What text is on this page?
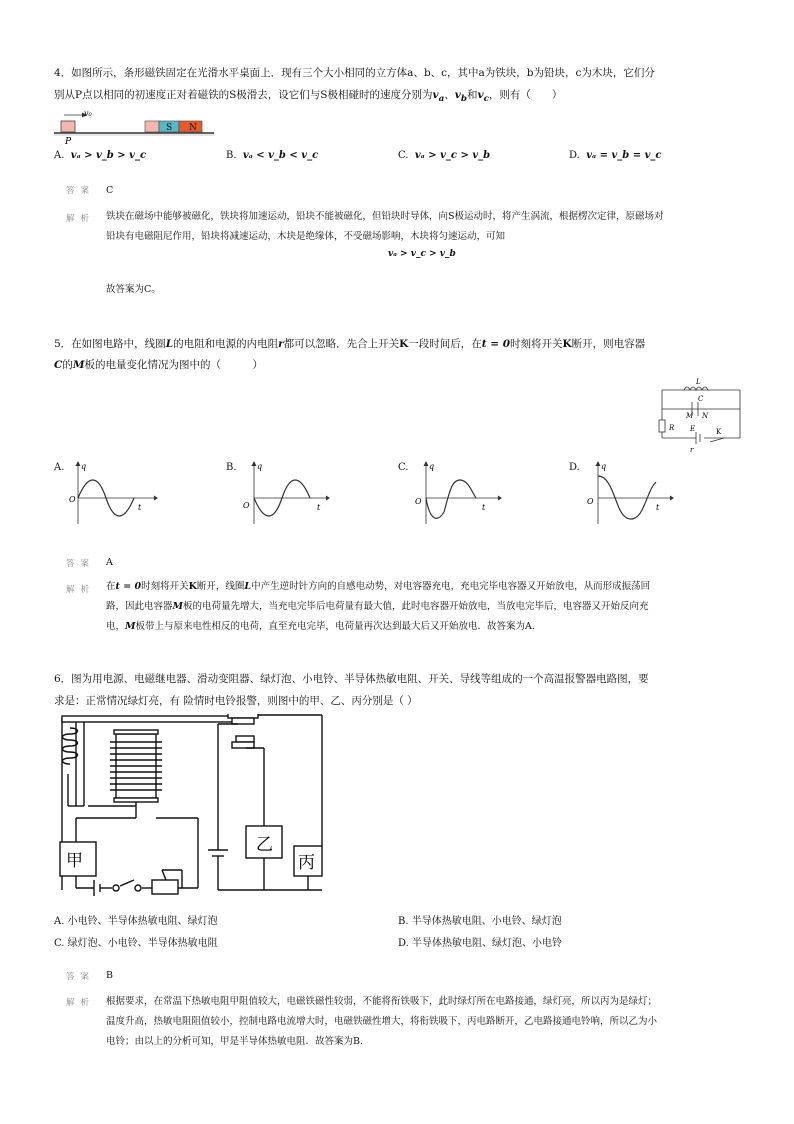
4．如图所示，条形磁铁固定在光滑水平桌面上．现有三个大小相同的立方体a、b、c，其中a为铁块，b为铅块，c为木块，它们分
别从P点以相同的初速度正对着磁铁的S极滑去，设它们与S极相碰时的速度分别为$v_a$、$v_b$和$v_c$，则有（　　）
v₀
P
S N
A. vₐ > v_b > v_c	B. vₐ < v_b < v_c	C. vₐ > v_c > v_b	D. vₐ = v_b = v_c
答案 C
解析 铁块在磁场中能够被磁化，铁块将加速运动，铅块不能被磁化，但铅块时导体，向S极运动时，将产生涡流，根据楞次定律，原磁场对
铅块有电磁阻尼作用，铅块将减速运动，木块是绝缘体，不受磁场影响，木块将匀速运动，可知
vₐ > v_c > v_b
故答案为C。
5．在如图电路中，线圈L的电阻和电源的内电阻r都可以忽略．先合上开关K一段时间后，在t = 0时刻将开关K断开，则电容器
C的M板的电量变化情况为图中的（　　　）
L
C
M N
R E
r
K
A.	B.	C.	D.
q
O
t
q
O	t
q
O
t
q
O
t
答案 A
解析 在t = 0时刻将开关K断开，线圈L中产生逆时针方向的自感电动势，对电容器充电，充电完毕电容器又开始放电，从而形成振荡回
路，因此电容器M板的电荷量先增大，当充电完毕后电荷量有最大值，此时电容器开始放电，当放电完毕后，电容器又开始反向充
电，M板带上与原来电性相反的电荷，直至充电完毕，电荷量再次达到最大后又开始放电．故答案为A.
6．图为用电源、电磁继电器、滑动变阻器、绿灯泡、小电铃、半导体热敏电阻、开关、导线等组成的一个高温报警器电路图，要
求是：正常情况绿灯亮，有 险情时电铃报警，则图中的甲、乙、丙分别是（ ）
甲
乙
丙
A. 小电铃、半导体热敏电阻、绿灯泡	B. 半导体热敏电阻、小电铃、绿灯泡
C. 绿灯泡、小电铃、半导体热敏电阻	D. 半导体热敏电阻、绿灯泡、小电铃
答案 B
解析 根据要求，在常温下热敏电阻甲阻值较大，电磁铁磁性较弱，不能将衔铁吸下，此时绿灯所在电路接通，绿灯亮，所以丙为是绿灯；
温度升高，热敏电阻阻值较小，控制电路电流增大时，电磁铁磁性增大，将衔铁吸下，丙电路断开，乙电路接通电铃响，所以乙为小
电铃；由以上的分析可知，甲是半导体热敏电阻．故答案为B.
